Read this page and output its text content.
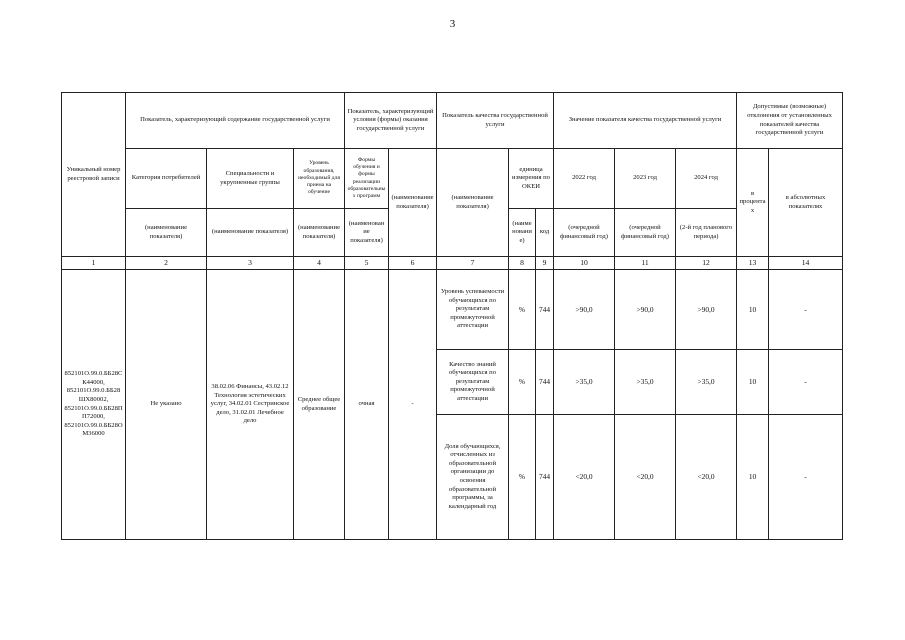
3
Уникальный номер реестровой записи	Показатель, характеризующий содержание государственной услуги			Показатель, характеризующий условия (формы) оказания государственной услуги		Показатель качества государственной услуги			Значение показателя качества государственной услуги			Допустимые (возможные) отклонения от установленных показателей качества государственной услуги	
	Категория потребителей	Специальности и укрупненные группы	Уровень образования, необходимый для приема на обучение	Формы обучения и формы реализации образовательных программ	(наименование показателя)	(наименование показателя)	единица измерения по ОКЕИ		2022 год	2023 год	2024 год	в процентах	в абсолютных показателях
	(наименование показателя)	(наименование показателя)	(наименование показателя)	(наименование показателя)			(наименование)	код	(очередной финансовый год)	(очередной финансовый год)	(2-й год планового периода)		
1	2	3	4	5	6	7	8	9	10	11	12	13	14
852101О.99.0.ББ28СК44000, 852101О.99.0.ББ28ШХ80002, 852101О.99.0.ББ28ПП72000, 852101О.99.0.ББ28ОМ36000	Не указано	38.02.06 Финансы, 43.02.12 Технология эстетических услуг, 34.02.01 Сестринское дело, 31.02.01 Лечебное дело	Среднее общее образование	очная	-	Уровень успеваемости обучающихся по результатам промежуточной аттестации	%	744	>90,0	>90,0	>90,0	10	-
						Качество знаний обучающихся по результатам промежуточной аттестации	%	744	>35,0	>35,0	>35,0	10	-
						Доля обучающихся, отчисленных из образовательной организации до освоения образовательной программы, за календарный год	%	744	<20,0	<20,0	<20,0	10	-
